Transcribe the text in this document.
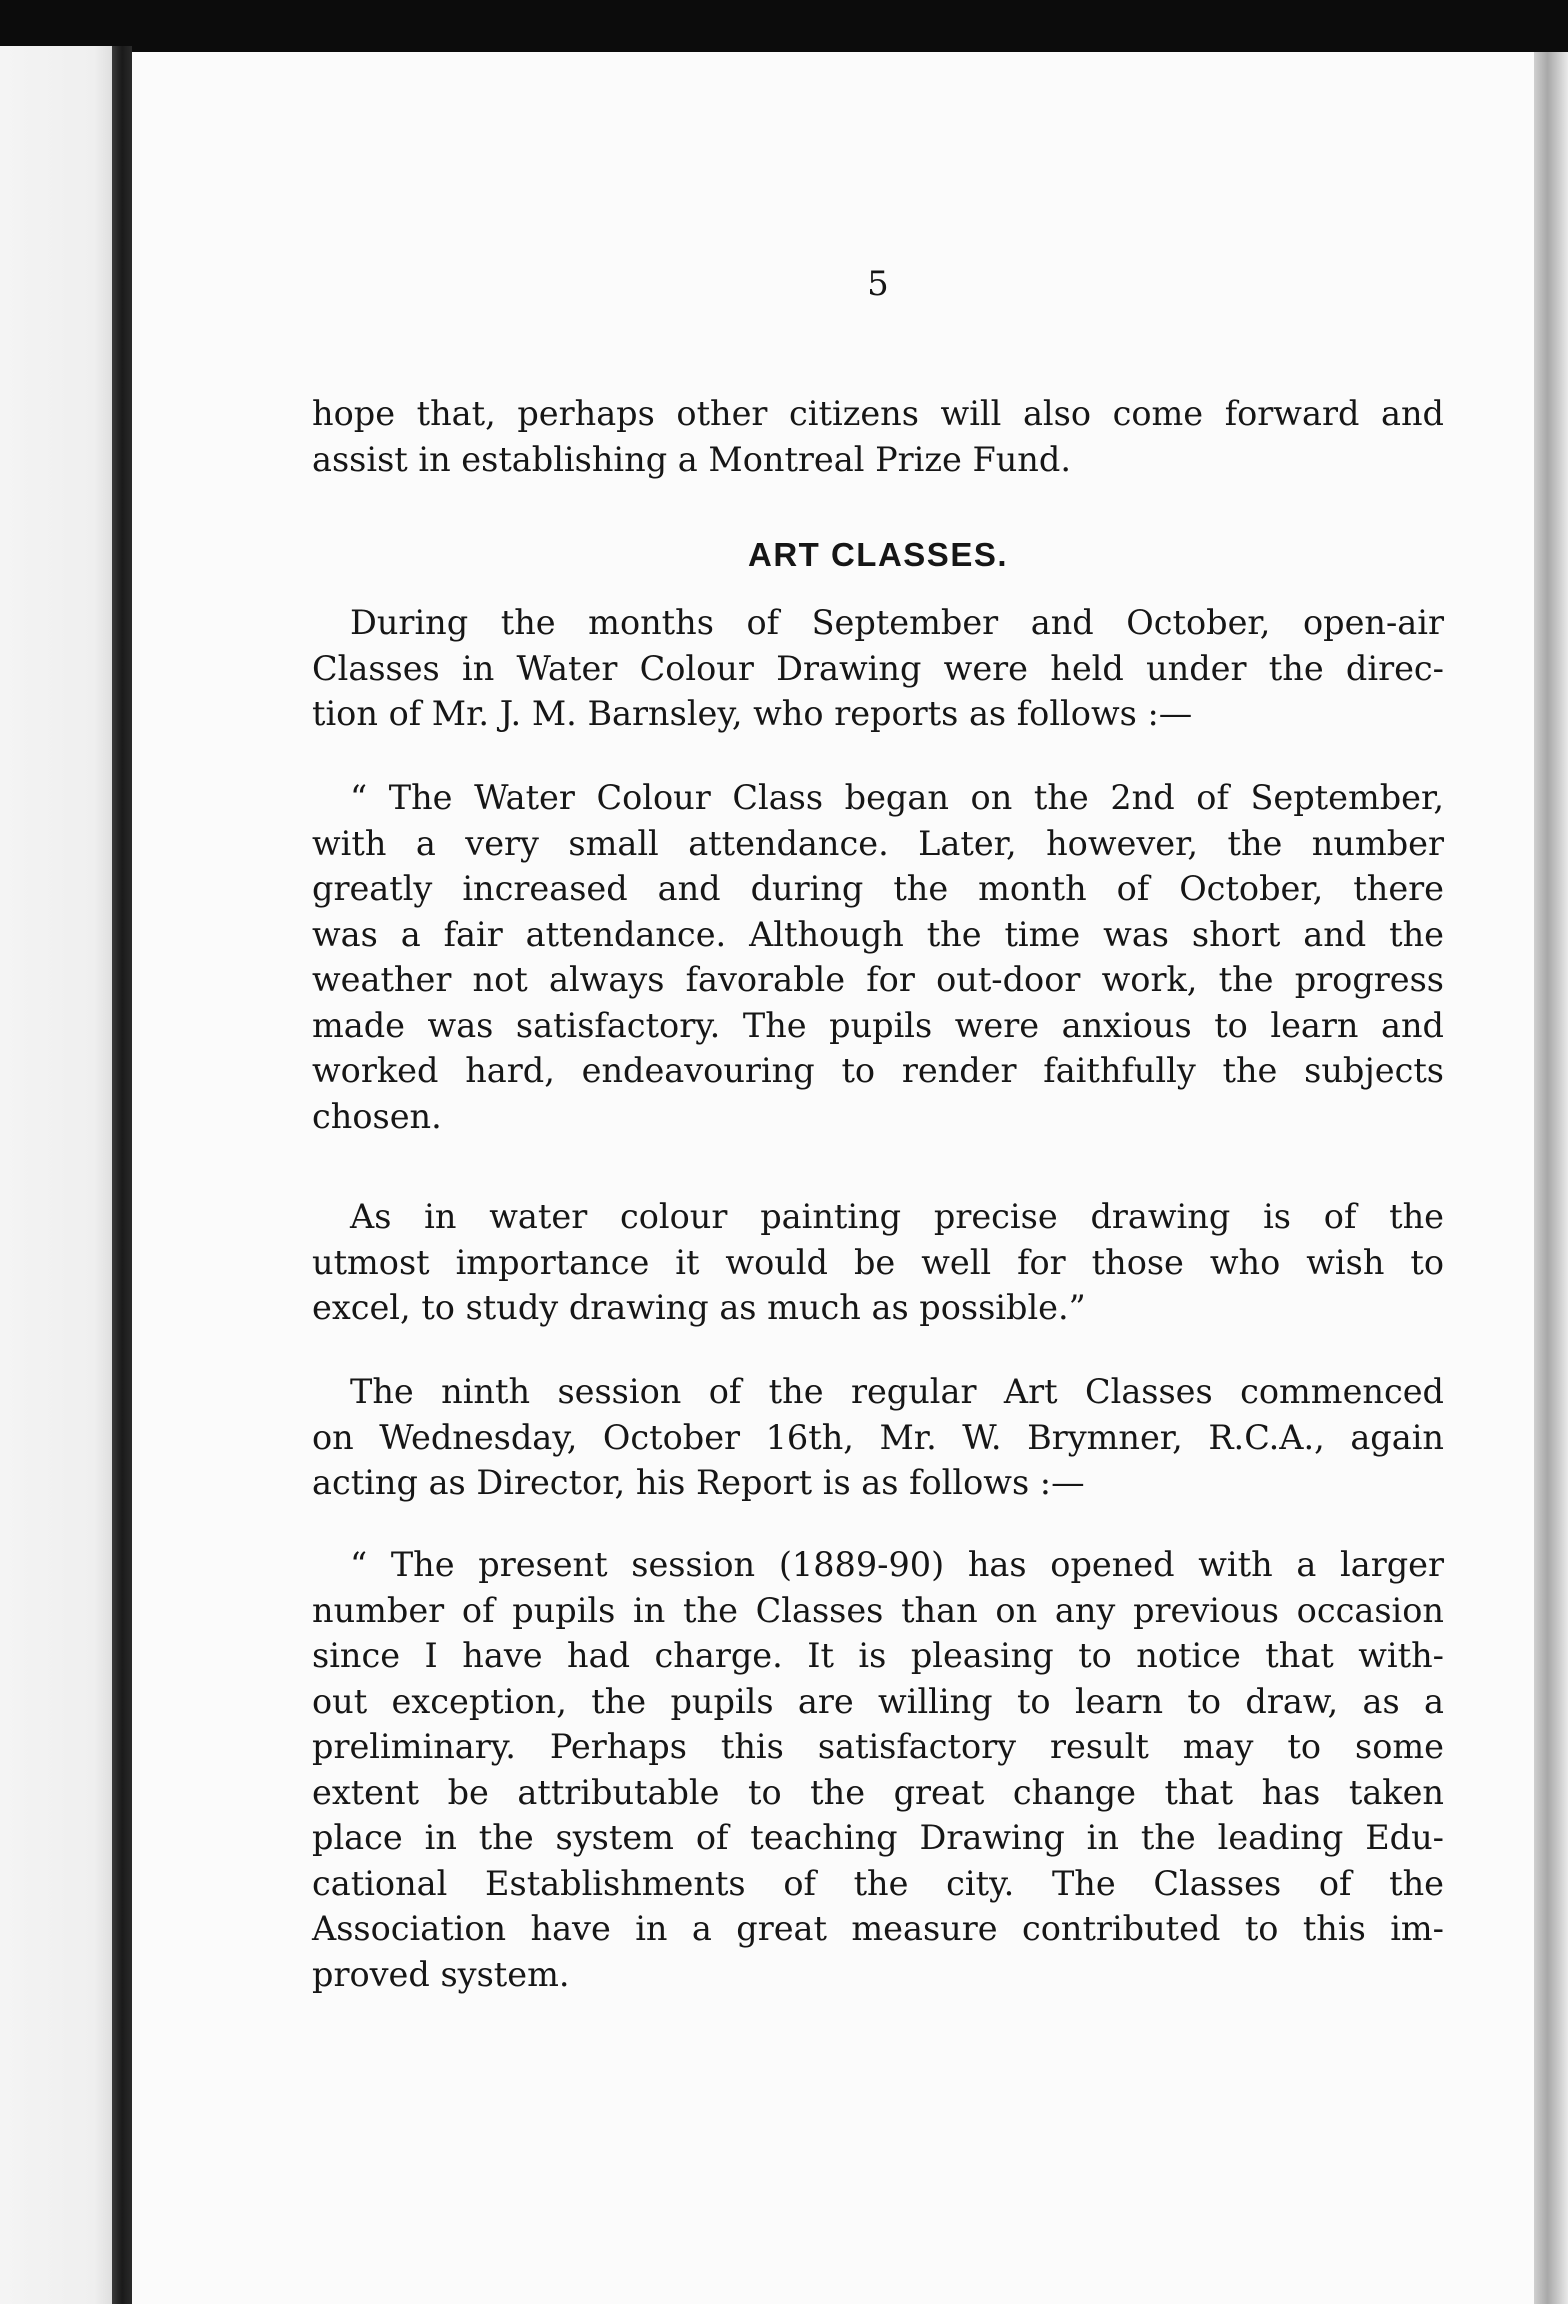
5

hope that, perhaps other citizens will also come forward and
assist in establishing a Montreal Prize Fund.

ART CLASSES.

During the months of September and October, open-air
Classes in Water Colour Drawing were held under the direc-
tion of Mr. J. M. Barnsley, who reports as follows :—

“ The Water Colour Class began on the 2nd of September,
with a very small attendance. Later, however, the number
greatly increased and during the month of October, there
was a fair attendance. Although the time was short and the
weather not always favorable for out-door work, the progress
made was satisfactory. The pupils were anxious to learn and
worked hard, endeavouring to render faithfully the subjects
chosen.

As in water colour painting precise drawing is of the
utmost importance it would be well for those who wish to
excel, to study drawing as much as possible.”

The ninth session of the regular Art Classes commenced
on Wednesday, October 16th, Mr. W. Brymner, R.C.A., again
acting as Director, his Report is as follows :—

“ The present session (1889-90) has opened with a larger
number of pupils in the Classes than on any previous occasion
since I have had charge. It is pleasing to notice that with-
out exception, the pupils are willing to learn to draw, as a
preliminary. Perhaps this satisfactory result may to some
extent be attributable to the great change that has taken
place in the system of teaching Drawing in the leading Edu-
cational Establishments of the city. The Classes of the
Association have in a great measure contributed to this im-
proved system.
